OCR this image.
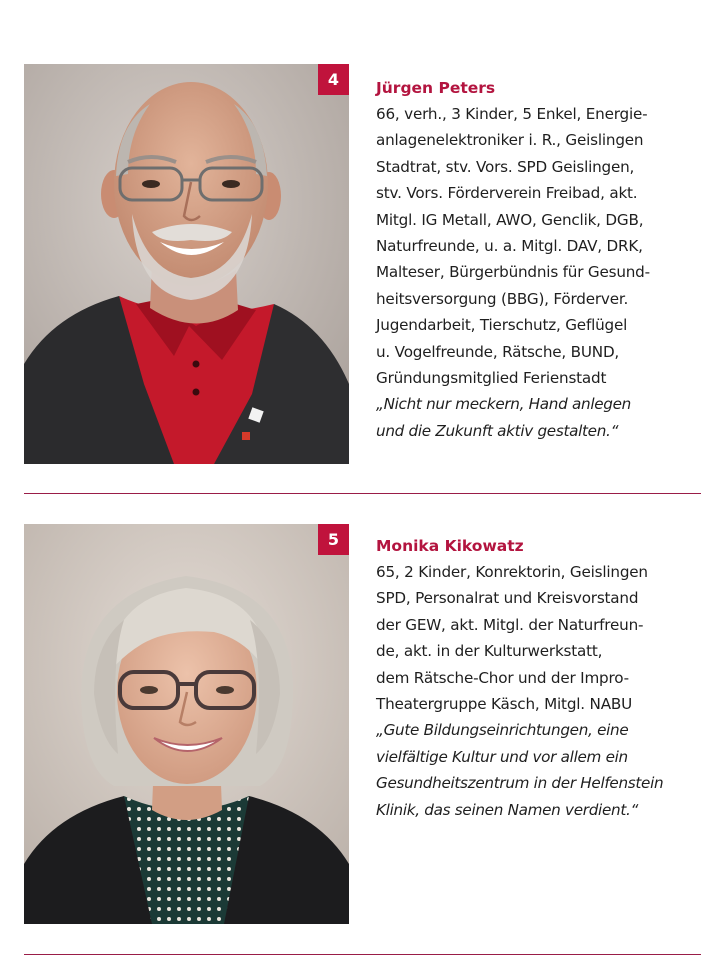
4	Jürgen Peters
66, verh., 3 Kinder, 5 Enkel, Energie-
anlagenelektroniker i. R., Geislingen
Stadtrat, stv. Vors. SPD Geislingen,
stv. Vors. Förderverein Freibad, akt.
Mitgl. IG Metall, AWO, Genclik, DGB,
Naturfreunde, u. a. Mitgl. DAV, DRK,
Malteser, Bürgerbündnis für Gesund-
heitsversorgung (BBG), Förderver.
Jugendarbeit, Tierschutz, Geflügel
u. Vogelfreunde, Rätsche, BUND,
Gründungsmitglied Ferienstadt
„Nicht nur meckern, Hand anlegen
und die Zukunft aktiv gestalten.“
5	Monika Kikowatz
65, 2 Kinder, Konrektorin, Geislingen
SPD, Personalrat und Kreisvorstand
der GEW, akt. Mitgl. der Naturfreun-
de, akt. in der Kulturwerkstatt,
dem Rätsche-Chor und der Impro-
Theatergruppe Käsch, Mitgl. NABU
„Gute Bildungseinrichtungen, eine
vielfältige Kultur und vor allem ein
Gesundheitszentrum in der Helfenstein
Klinik, das seinen Namen verdient.“
